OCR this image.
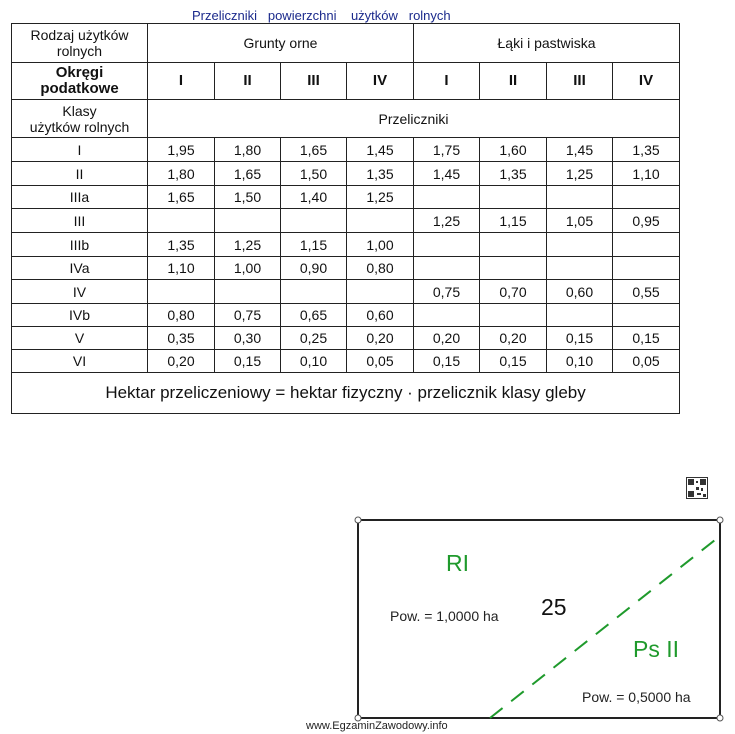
Przeliczniki   powierzchni    użytków   rolnych
Rodzaj użytków
rolnych	Grunty orne				Łąki i pastwiska			
Okręgi
podatkowe	I	II	III	IV	I	II	III	IV
Klasy
użytków rolnych	Przeliczniki							
I	1,95	1,80	1,65	1,45	1,75	1,60	1,45	1,35
II	1,80	1,65	1,50	1,35	1,45	1,35	1,25	1,10
IIIa	1,65	1,50	1,40	1,25				
III					1,25	1,15	1,05	0,95
IIIb	1,35	1,25	1,15	1,00				
IVa	1,10	1,00	0,90	0,80				
IV					0,75	0,70	0,60	0,55
IVb	0,80	0,75	0,65	0,60				
V	0,35	0,30	0,25	0,20	0,20	0,20	0,15	0,15
VI	0,20	0,15	0,10	0,05	0,15	0,15	0,10	0,05
Hektar przeliczeniowy = hektar fizyczny · przelicznik klasy gleby								
RI
25
Pow. = 1,0000 ha
Ps II
Pow. = 0,5000 ha
www.EgzaminZawodowy.info
